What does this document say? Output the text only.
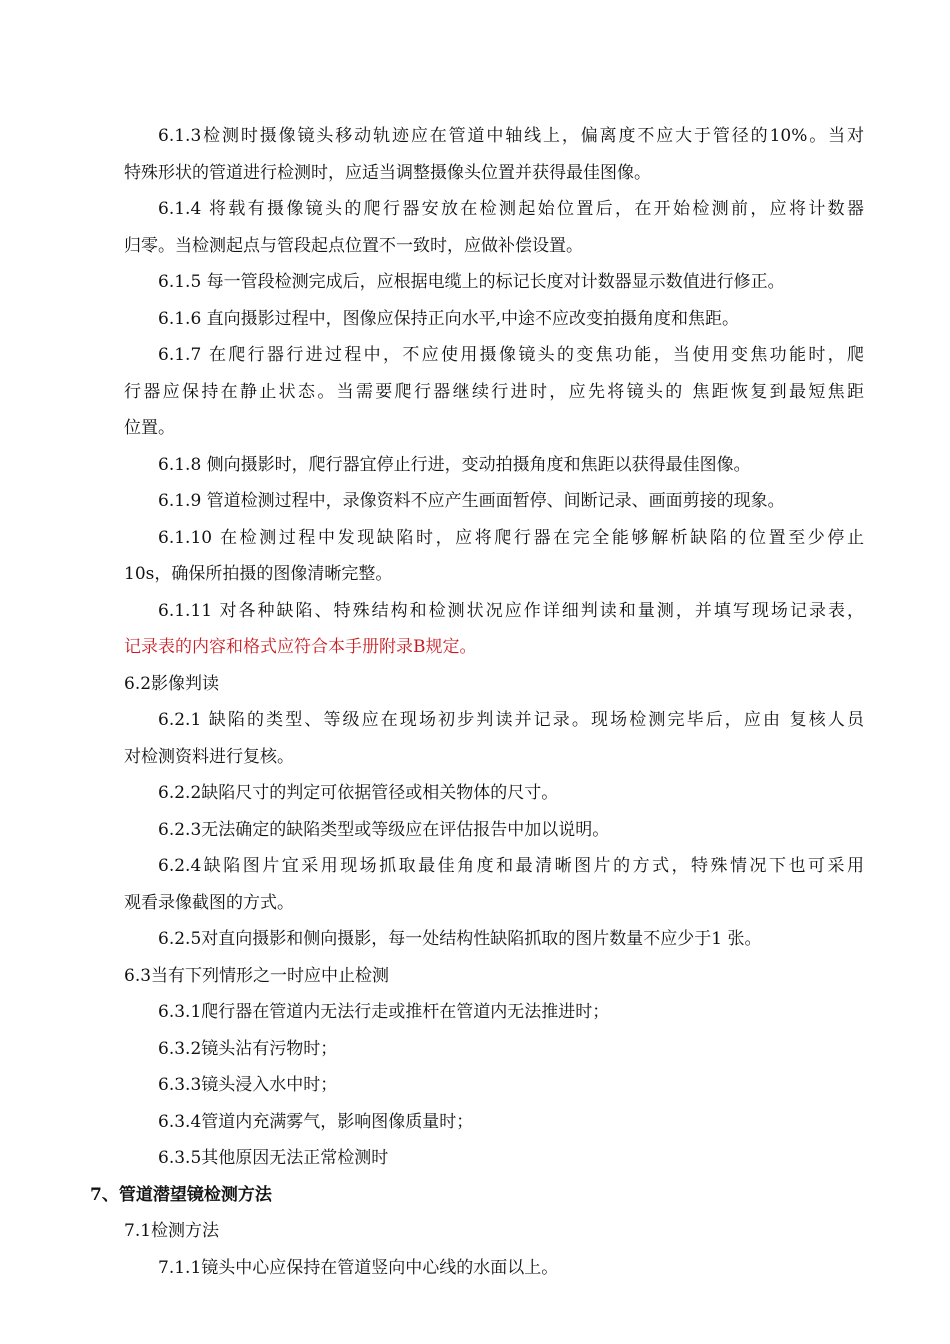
6.1.3检测时摄像镜头移动轨迹应在管道中轴线上，偏离度不应大于管径的10%。当对
特殊形状的管道进行检测时，应适当调整摄像头位置并获得最佳图像。
6.1.4 将载有摄像镜头的爬行器安放在检测起始位置后，在开始检测前，应将计数器
归零。当检测起点与管段起点位置不一致时，应做补偿设置。
6.1.5 每一管段检测完成后，应根据电缆上的标记长度对计数器显示数值进行修正。
6.1.6 直向摄影过程中，图像应保持正向水平,中途不应改变拍摄角度和焦距。
6.1.7 在爬行器行进过程中，不应使用摄像镜头的变焦功能，当使用变焦功能时，爬
行器应保持在静止状态。当需要爬行器继续行进时，应先将镜头的 焦距恢复到最短焦距
位置。
6.1.8 侧向摄影时，爬行器宜停止行进，变动拍摄角度和焦距以获得最佳图像。
6.1.9 管道检测过程中，录像资料不应产生画面暂停、间断记录、画面剪接的现象。
6.1.10 在检测过程中发现缺陷时，应将爬行器在完全能够解析缺陷的位置至少停止
10s，确保所拍摄的图像清晰完整。
6.1.11 对各种缺陷、特殊结构和检测状况应作详细判读和量测，并填写现场记录表，
记录表的内容和格式应符合本手册附录B规定。
6.2影像判读
6.2.1 缺陷的类型、等级应在现场初步判读并记录。现场检测完毕后，应由 复核人员
对检测资料进行复核。
6.2.2缺陷尺寸的判定可依据管径或相关物体的尺寸。
6.2.3无法确定的缺陷类型或等级应在评估报告中加以说明。
6.2.4缺陷图片宜采用现场抓取最佳角度和最清晰图片的方式，特殊情况下也可采用
观看录像截图的方式。
6.2.5对直向摄影和侧向摄影，每一处结构性缺陷抓取的图片数量不应少于1 张。
6.3当有下列情形之一时应中止检测
6.3.1爬行器在管道内无法行走或推杆在管道内无法推进时；
6.3.2镜头沾有污物时；
6.3.3镜头浸入水中时；
6.3.4管道内充满雾气，影响图像质量时；
6.3.5其他原因无法正常检测时
7、管道潜望镜检测方法
7.1检测方法
7.1.1镜头中心应保持在管道竖向中心线的水面以上。
